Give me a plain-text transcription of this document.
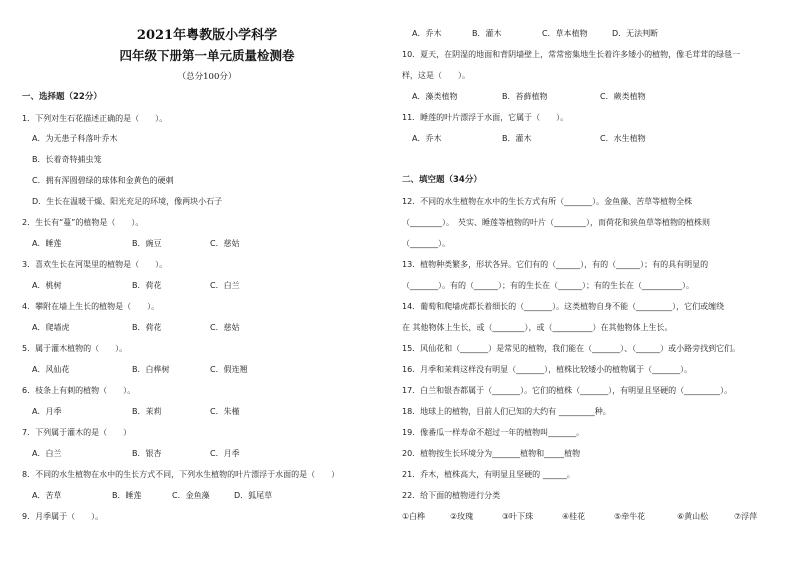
2021年粤教版小学科学
四年级下册第一单元质量检测卷
（总分100分）
一、选择题（22分）
1．下列对生石花描述正确的是（　　）。
A．为无患子科落叶乔木
B．长着奇特捕虫笼
C．拥有浑圆碧绿的球体和金黄色的硬刺
D．生长在温暖干燥、阳光充足的环境，像两块小石子
2．生长有“蔓”的植物是（　　）。
A．睡莲	B．豌豆	C．慈姑
3．喜欢生长在河渠里的植物是（　　）。
A．桃树	B．荷花	C．白兰
4．攀附在墙上生长的植物是（　　）。
A．爬墙虎	B．荷花	C．慈姑
5．属于灌木植物的（　　）。
A．风仙花	B．白桦树	C．假连翘
6．枝条上有刺的植物（　　）。
A．月季	B．茉莉	C．朱槿
7．下列属于灌木的是（　　）
A．白兰	B．银杏	C．月季
8．不同的水生植物在水中的生长方式不同，下列水生植物的叶片漂浮于水面的是（　　）
A．苦草	B．睡莲	C．金鱼藻	D．狐尾草
9．月季属于（　　）。
A．乔木	B．灌木	C．草本植物	D．无法判断
10．夏天，在阴湿的地面和背阴墙壁上，常常密集地生长着许多矮小的植物，像毛茸茸的绿毯一
样，这是（　　）。
A．藻类植物	B．苔藓植物	C．蕨类植物
11．睡莲的叶片漂浮于水面，它属于（　　）。
A．乔木	B．灌木	C．水生植物
二、填空题（34分）
12．不同的水生植物在水中的生长方式有所（_______）。金鱼藻、苦草等植物全株
（________）。　芡实、睡莲等植物的叶片（________），而荷花和狭鱼草等植物的植株则
（_______）。
13．植物种类繁多，形状各异。它们有的（______），有的（______）；有的具有明显的
（_______）。有的（______）；有的生长在（______）；有的生长在（__________）。
14．葡萄和爬墙虎都长着细长的（_______）。这类植物自身不能（_________），它们或缠绕
在 其他物体上生长，或（________），或（__________）在其他物体上生长。
15．风仙花和（_______）是常见的植物，我们能在（_______）、（______）或小路旁找到它们。
16．月季和茉莉这样没有明显（_______），植株比较矮小的植物属于（_______）。
17．白兰和银杏都属于（_______）。它们的植株（_______），有明显且坚硬的（_________）。
18．地球上的植物，目前人们已知的大约有 _________种。
19．像番瓜一样寿命不超过一年的植物叫_______。
20．植物按生长环境分为_______植物和_____植物
21．乔木，植株高大，有明显且坚硬的 ______。
22．给下面的植物进行分类
①白桦	②玫瑰	③叶下珠	④桂花	⑤牵牛花	⑥黄山松	⑦浮萍
